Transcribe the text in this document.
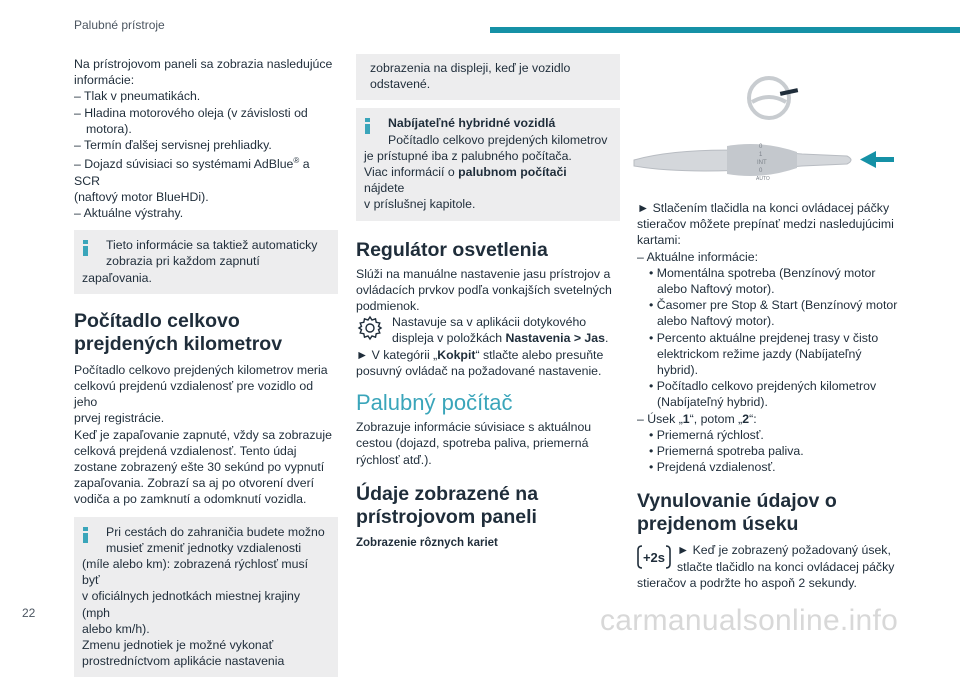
Palubné prístroje
22	carmanualsonline.info

Na prístrojovom paneli sa zobrazia nasledujúce
informácie:
– Tlak v pneumatikách.
– Hladina motorového oleja (v závislosti od
motora).
– Termín ďalšej servisnej prehliadky.
– Dojazd súvisiaci so systémami AdBlue® a SCR
(naftový motor BlueHDi).
– Aktuálne výstrahy.

Tieto informácie sa taktiež automaticky
zobrazia pri každom zapnutí
zapaľovania.
Počítadlo celkovo
prejdených kilometrov

Počítadlo celkovo prejdených kilometrov meria
celkovú prejdenú vzdialenosť pre vozidlo od jeho
prvej registrácie.
Keď je zapaľovanie zapnuté, vždy sa zobrazuje
celková prejdená vzdialenosť. Tento údaj
zostane zobrazený ešte 30 sekúnd po vypnutí
zapaľovania. Zobrazí sa aj po otvorení dverí
vodiča a po zamknutí a odomknutí vozidla.

Pri cestách do zahraničia budete možno
musieť zmeniť jednotky vzdialenosti
(míle alebo km): zobrazená rýchlosť musí byť
v oficiálnych jednotkách miestnej krajiny (mph
alebo km/h).
Zmenu jednotiek je možné vykonať
prostredníctvom aplikácie nastavenia
zobrazenia na displeji, keď je vozidlo
odstavené.
Nabíjateľné hybridné vozidlá
Počítadlo celkovo prejdených kilometrov
je prístupné iba z palubného počítača.
Viac informácií o palubnom počítači nájdete
v príslušnej kapitole.
Regulátor osvetlenia

Slúži na manuálne nastavenie jasu prístrojov a
ovládacích prvkov podľa vonkajších svetelných
podmienok.

Nastavuje sa v aplikácii dotykového
displeja v položkách Nastavenia > Jas.

► V kategórii „Kokpit“ stlačte alebo presuňte
posuvný ovládač na požadované nastavenie.

Palubný počítač

Zobrazuje informácie súvisiace s aktuálnou
cestou (dojazd, spotreba paliva, priemerná
rýchlosť atď.).

Údaje zobrazené na
prístrojovom paneli

Zobrazenie rôznych kariet

0
1
INT
0
AUTO

► Stlačením tlačidla na konci ovládacej páčky
stieračov môžete prepínať medzi nasledujúcimi
kartami:
– Aktuálne informácie:
• Momentálna spotreba (Benzínový motor
alebo Naftový motor).
• Časomer pre Stop & Start (Benzínový motor
alebo Naftový motor).
• Percento aktuálne prejdenej trasy v čisto
elektrickom režime jazdy (Nabíjateľný
hybrid).
• Počítadlo celkovo prejdených kilometrov
(Nabíjateľný hybrid).
– Úsek „1“, potom „2“:
• Priemerná rýchlosť.
• Priemerná spotreba paliva.
• Prejdená vzdialenosť.

Vynulovanie údajov o
prejdenom úseku
+2s ► Keď je zobrazený požadovaný úsek,
stlačte tlačidlo na konci ovládacej páčky

stieračov a podržte ho aspoň 2 sekundy.
